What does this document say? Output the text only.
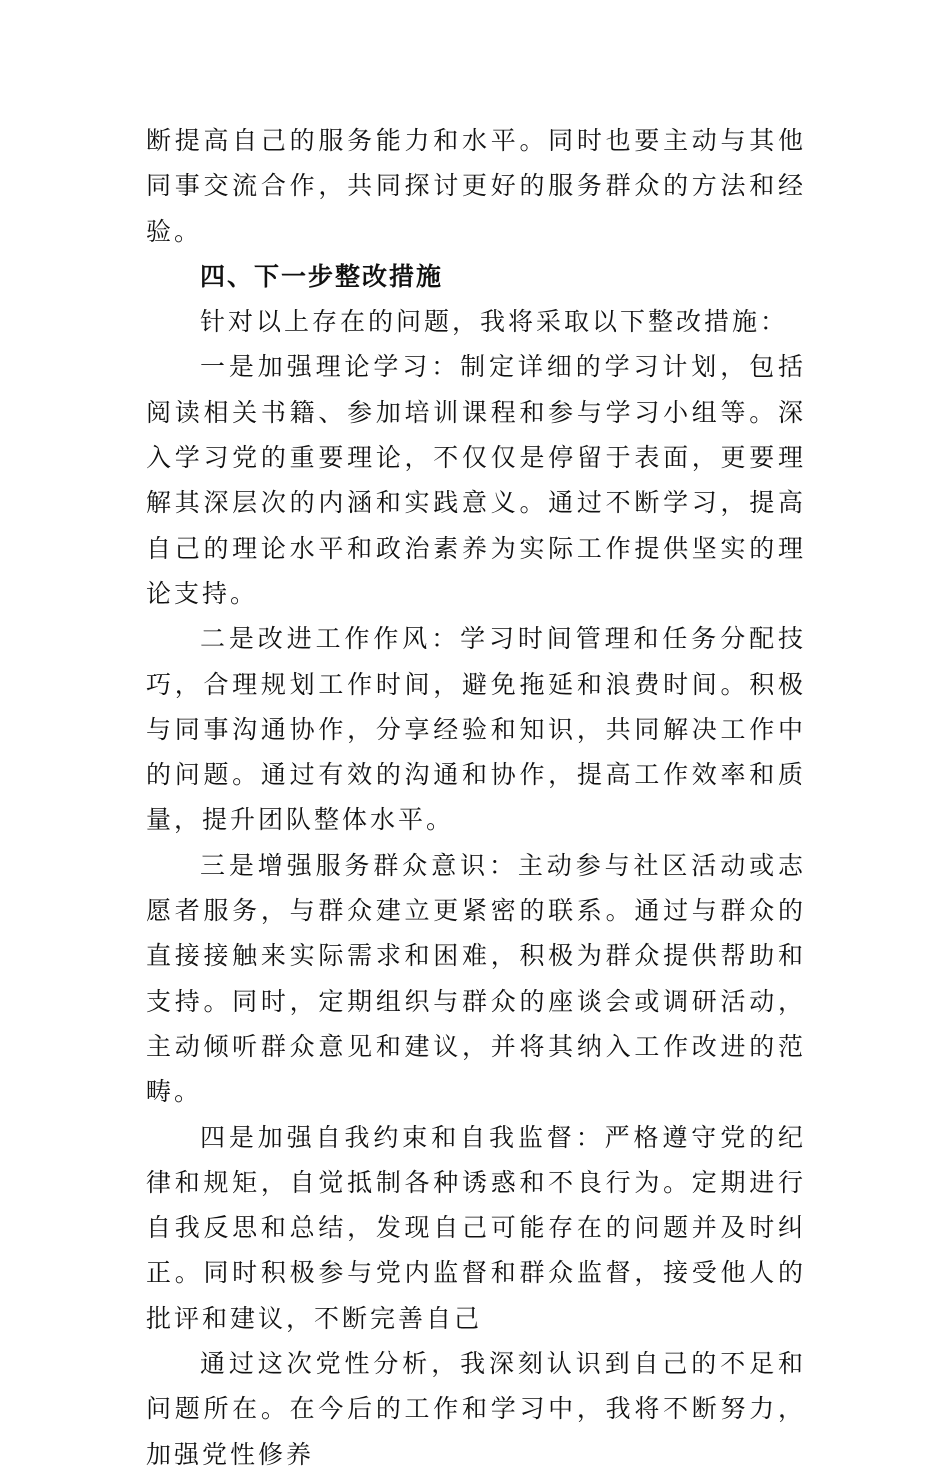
断提高自己的服务能力和水平。同时也要主动与其他同事交流合作，共同探讨更好的服务群众的方法和经验。

四、下一步整改措施

针对以上存在的问题，我将采取以下整改措施：

一是加强理论学习：制定详细的学习计划，包括阅读相关书籍、参加培训课程和参与学习小组等。深入学习党的重要理论，不仅仅是停留于表面，更要理解其深层次的内涵和实践意义。通过不断学习，提高自己的理论水平和政治素养为实际工作提供坚实的理论支持。

二是改进工作作风：学习时间管理和任务分配技巧，合理规划工作时间，避免拖延和浪费时间。积极与同事沟通协作，分享经验和知识，共同解决工作中的问题。通过有效的沟通和协作，提高工作效率和质量，提升团队整体水平。

三是增强服务群众意识：主动参与社区活动或志愿者服务，与群众建立更紧密的联系。通过与群众的直接接触来实际需求和困难，积极为群众提供帮助和支持。同时，定期组织与群众的座谈会或调研活动，主动倾听群众意见和建议，并将其纳入工作改进的范畴。

四是加强自我约束和自我监督：严格遵守党的纪律和规矩，自觉抵制各种诱惑和不良行为。定期进行自我反思和总结，发现自己可能存在的问题并及时纠正。同时积极参与党内监督和群众监督，接受他人的批评和建议，不断完善自己

通过这次党性分析，我深刻认识到自己的不足和问题所在。在今后的工作和学习中，我将不断努力，加强党性修养
